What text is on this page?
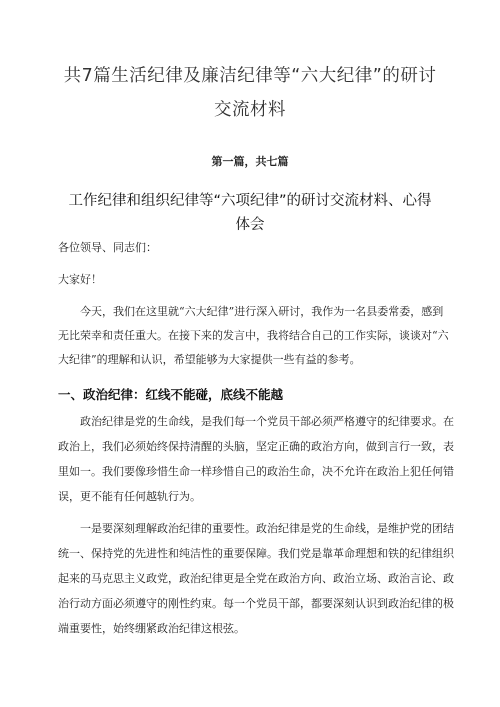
共7篇生活纪律及廉洁纪律等“六大纪律”的研讨
交流材料
第一篇，共七篇
工作纪律和组织纪律等“六项纪律”的研讨交流材料、心得
体会
各位领导、同志们：
大家好！
今天，我们在这里就“六大纪律”进行深入研讨，我作为一名县委常委，感到
无比荣幸和责任重大。在接下来的发言中，我将结合自己的工作实际，谈谈对“六
大纪律”的理解和认识，希望能够为大家提供一些有益的参考。
一、政治纪律：红线不能碰，底线不能越
政治纪律是党的生命线，是我们每一个党员干部必须严格遵守的纪律要求。在
政治上，我们必须始终保持清醒的头脑，坚定正确的政治方向，做到言行一致，表
里如一。我们要像珍惜生命一样珍惜自己的政治生命，决不允许在政治上犯任何错
误，更不能有任何越轨行为。
一是要深刻理解政治纪律的重要性。政治纪律是党的生命线，是维护党的团结
统一、保持党的先进性和纯洁性的重要保障。我们党是靠革命理想和铁的纪律组织
起来的马克思主义政党，政治纪律更是全党在政治方向、政治立场、政治言论、政
治行动方面必须遵守的刚性约束。每一个党员干部，都要深刻认识到政治纪律的极
端重要性，始终绷紧政治纪律这根弦。
